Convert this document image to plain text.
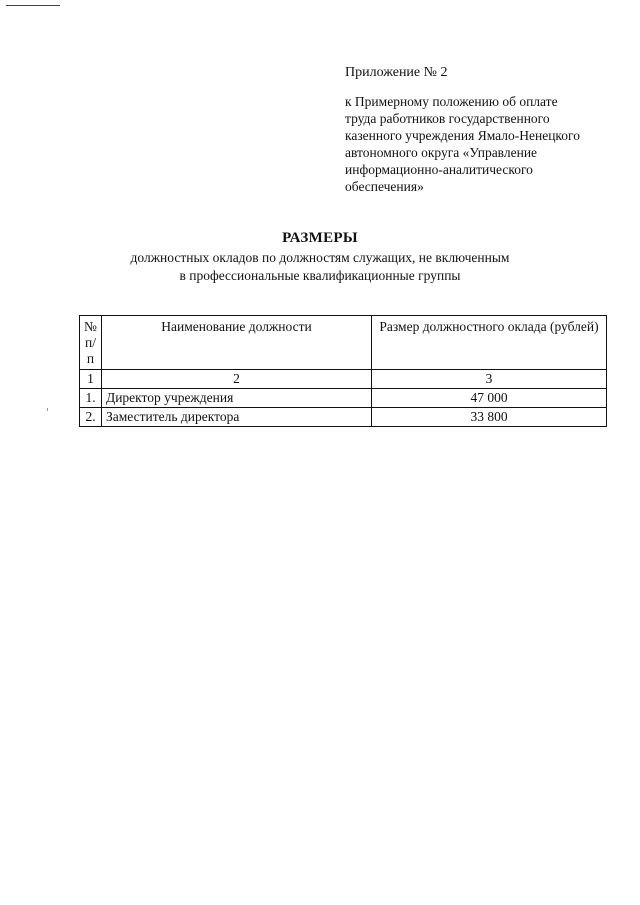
Приложение № 2
к Примерному положению об оплате
труда работников государственного
казенного учреждения Ямало-Ненецкого
автономного округа «Управление
информационно-аналитического
обеспечения»
РАЗМЕРЫ
должностных окладов по должностям служащих, не включенным
в профессиональные квалификационные группы
№ п/п	Наименование должности	Размер должностного оклада (рублей)
1	2	3
1.	Директор учреждения	47 000
2.	Заместитель директора	33 800
